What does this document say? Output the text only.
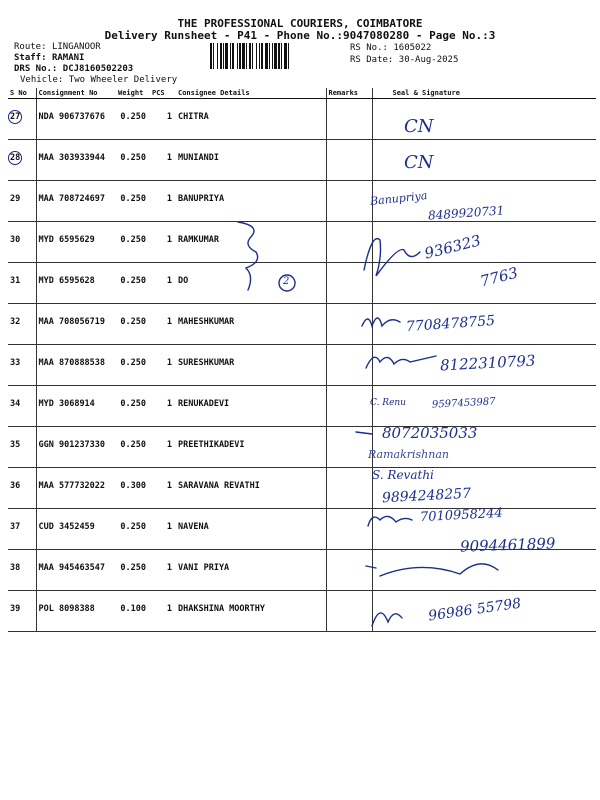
THE PROFESSIONAL COURIERS, COIMBATORE
Delivery Runsheet - P41 - Phone No.:9047080280 - Page No.:3
Route: LINGANOOR
Staff: RAMANI
DRS No.: DCJ8160502203
Vehicle: Two Wheeler Delivery
RS No.: 1605022
RS Date: 30-Aug-2025
S No	Consignment No	Weight	PCS	Consignee Details	Remarks	Seal & Signature
27	NDA 906737676	0.250	1	CHITRA		
28	MAA 303933944	0.250	1	MUNIANDI		
29	MAA 708724697	0.250	1	BANUPRIYA		
30	MYD 6595629	0.250	1	RAMKUMAR		
31	MYD 6595628	0.250	1	DO		
32	MAA 708056719	0.250	1	MAHESHKUMAR		
33	MAA 870888538	0.250	1	SURESHKUMAR		
34	MYD 3068914	0.250	1	RENUKADEVI		
35	GGN 901237330	0.250	1	PREETHIKADEVI		
36	MAA 577732022	0.300	1	SARAVANA REVATHI		
37	CUD 3452459	0.250	1	NAVENA		
38	MAA 945463547	0.250	1	VANI PRIYA		
39	POL 8098388	0.100	1	DHAKSHINA MOORTHY		
CN
CN
Banupriya
8489920731
936323
7763
2
7708478755
8122310793
C. Renu	9597453987
8072035033
Ramakrishnan
S. Revathi
9894248257
7010958244
9094461899
96986 55798
